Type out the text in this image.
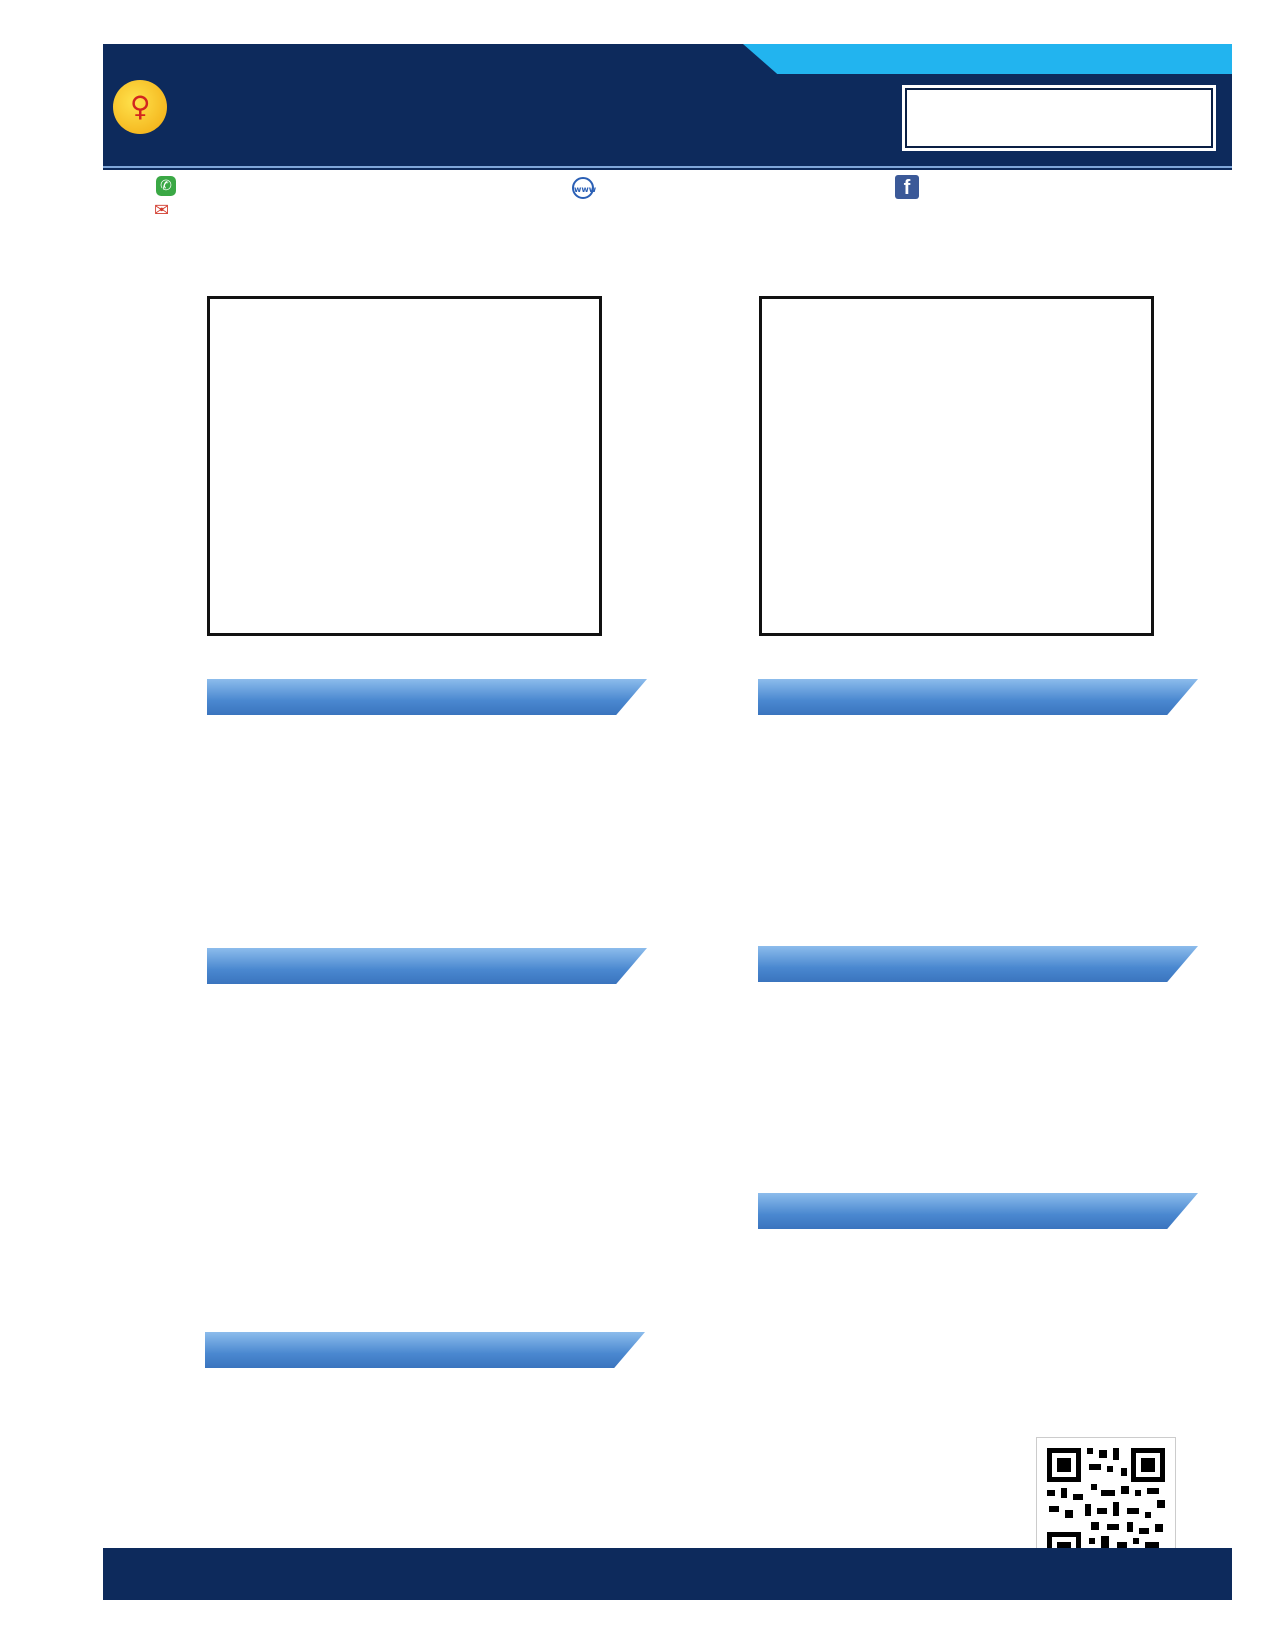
♀
✆
✉
www	f
